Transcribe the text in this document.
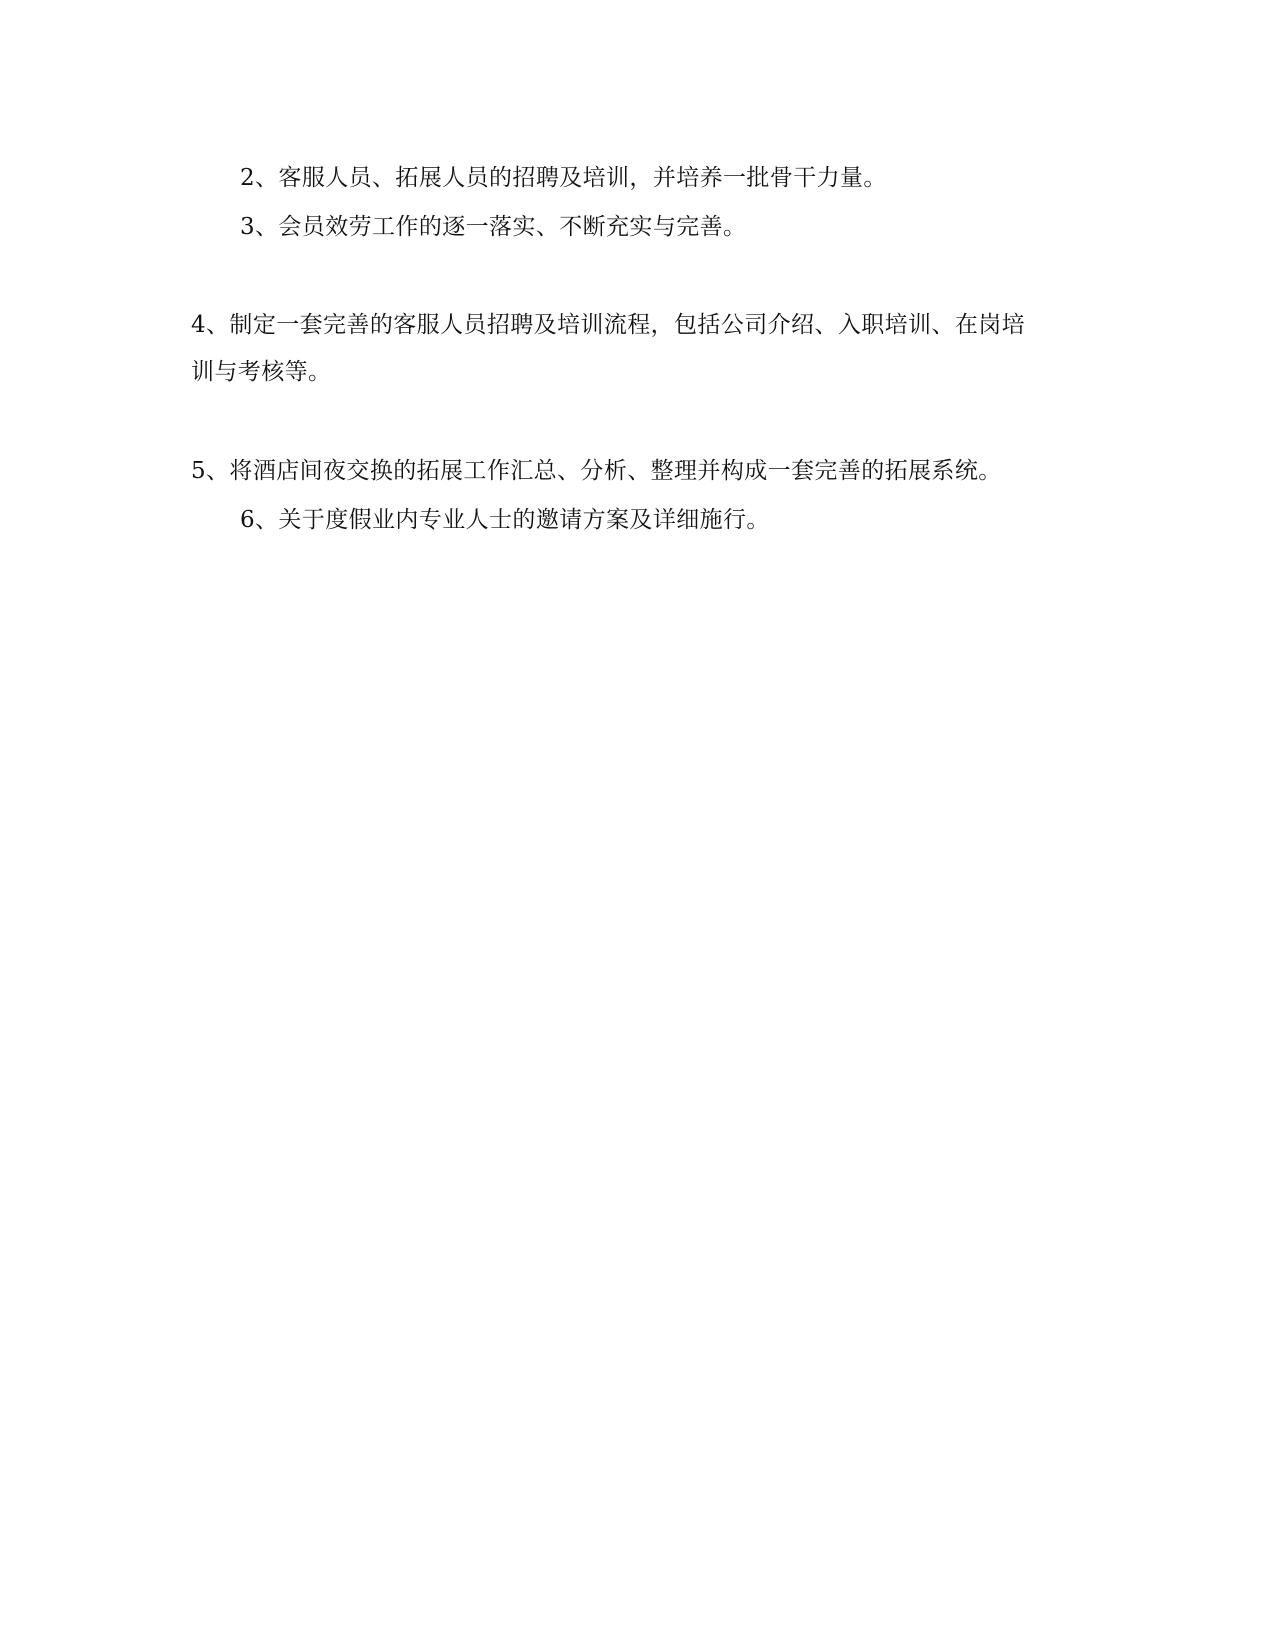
2、客服人员、拓展人员的招聘及培训，并培养一批骨干力量。
3、会员效劳工作的逐一落实、不断充实与完善。
4、制定一套完善的客服人员招聘及培训流程，包括公司介绍、入职培训、在岗培
训与考核等。
5、将酒店间夜交换的拓展工作汇总、分析、整理并构成一套完善的拓展系统。
6、关于度假业内专业人士的邀请方案及详细施行。
